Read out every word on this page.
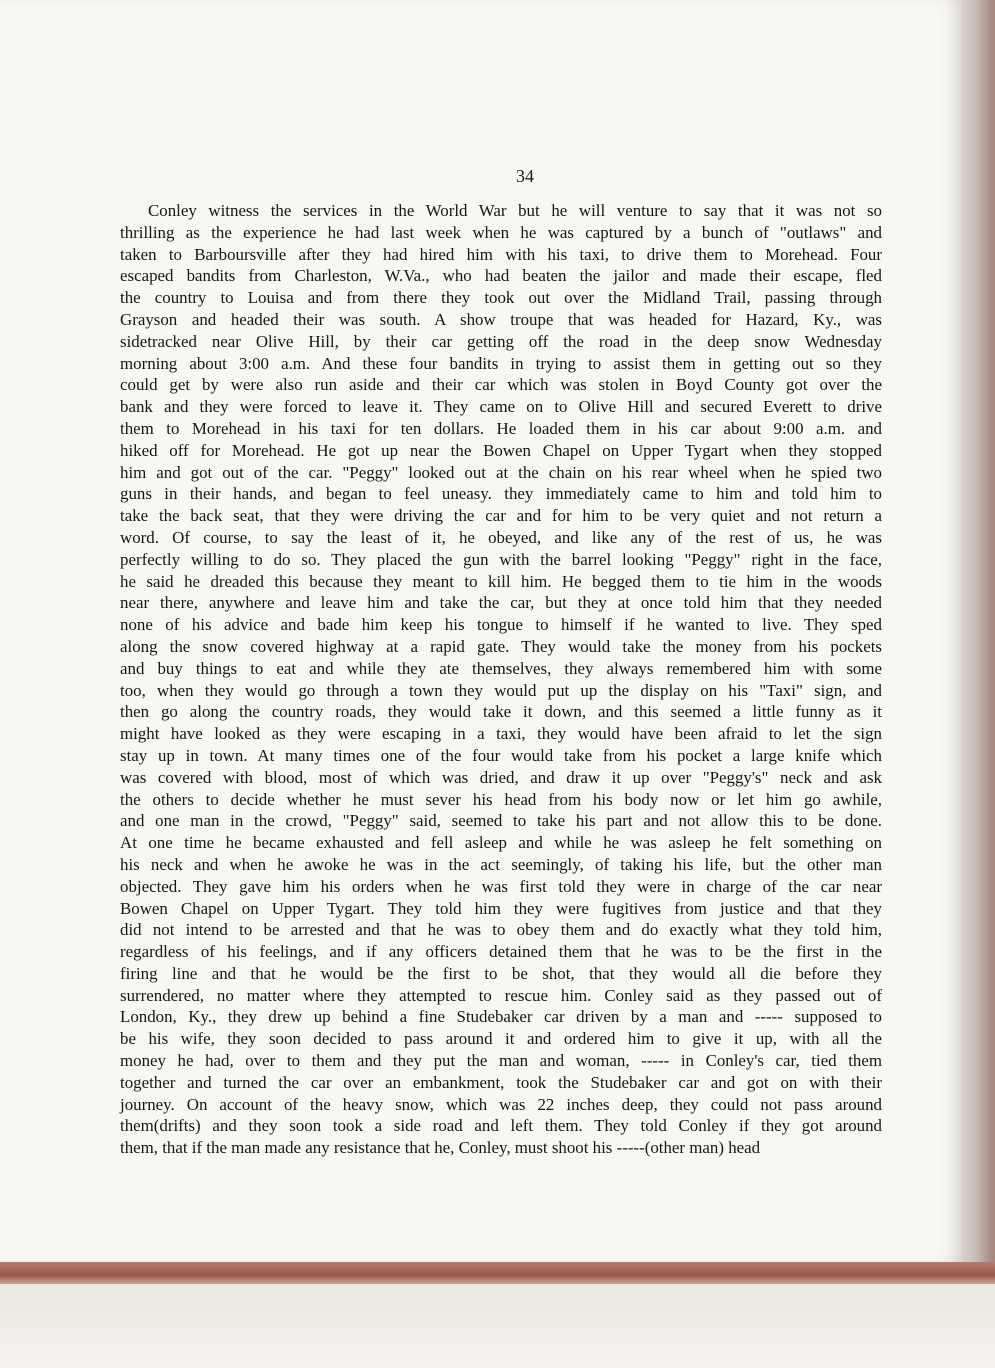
34
Conley witness the services in the World War but he will venture to say that it was not so
thrilling as the experience he had last week when he was captured by a bunch of "outlaws" and
taken to Barboursville after they had hired him with his taxi, to drive them to Morehead. Four
escaped bandits from Charleston, W.Va., who had beaten the jailor and made their escape, fled
the country to Louisa and from there they took out over the Midland Trail, passing through
Grayson and headed their was south. A show troupe that was headed for Hazard, Ky., was
sidetracked near Olive Hill, by their car getting off the road in the deep snow Wednesday
morning about 3:00 a.m. And these four bandits in trying to assist them in getting out so they
could get by were also run aside and their car which was stolen in Boyd County got over the
bank and they were forced to leave it. They came on to Olive Hill and secured Everett to drive
them to Morehead in his taxi for ten dollars. He loaded them in his car about 9:00 a.m. and
hiked off for Morehead. He got up near the Bowen Chapel on Upper Tygart when they stopped
him and got out of the car. "Peggy" looked out at the chain on his rear wheel when he spied two
guns in their hands, and began to feel uneasy. they immediately came to him and told him to
take the back seat, that they were driving the car and for him to be very quiet and not return a
word. Of course, to say the least of it, he obeyed, and like any of the rest of us, he was
perfectly willing to do so. They placed the gun with the barrel looking "Peggy" right in the face,
he said he dreaded this because they meant to kill him. He begged them to tie him in the woods
near there, anywhere and leave him and take the car, but they at once told him that they needed
none of his advice and bade him keep his tongue to himself if he wanted to live. They sped
along the snow covered highway at a rapid gate. They would take the money from his pockets
and buy things to eat and while they ate themselves, they always remembered him with some
too, when they would go through a town they would put up the display on his "Taxi" sign, and
then go along the country roads, they would take it down, and this seemed a little funny as it
might have looked as they were escaping in a taxi, they would have been afraid to let the sign
stay up in town. At many times one of the four would take from his pocket a large knife which
was covered with blood, most of which was dried, and draw it up over "Peggy's" neck and ask
the others to decide whether he must sever his head from his body now or let him go awhile,
and one man in the crowd, "Peggy" said, seemed to take his part and not allow this to be done.
At one time he became exhausted and fell asleep and while he was asleep he felt something on
his neck and when he awoke he was in the act seemingly, of taking his life, but the other man
objected. They gave him his orders when he was first told they were in charge of the car near
Bowen Chapel on Upper Tygart. They told him they were fugitives from justice and that they
did not intend to be arrested and that he was to obey them and do exactly what they told him,
regardless of his feelings, and if any officers detained them that he was to be the first in the
firing line and that he would be the first to be shot, that they would all die before they
surrendered, no matter where they attempted to rescue him. Conley said as they passed out of
London, Ky., they drew up behind a fine Studebaker car driven by a man and ----- supposed to
be his wife, they soon decided to pass around it and ordered him to give it up, with all the
money he had, over to them and they put the man and woman, ----- in Conley's car, tied them
together and turned the car over an embankment, took the Studebaker car and got on with their
journey. On account of the heavy snow, which was 22 inches deep, they could not pass around
them(drifts) and they soon took a side road and left them. They told Conley if they got around
them, that if the man made any resistance that he, Conley, must shoot his -----(other man) head
